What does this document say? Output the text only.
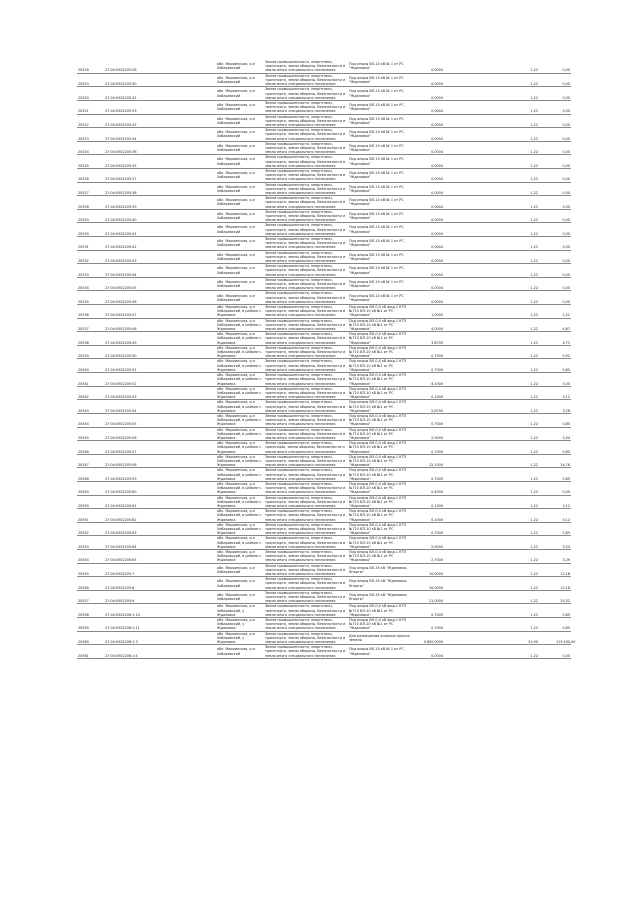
20518	27:04:0502205:28	обл. Мариинская, р-н Хабаровский	Земли промышленности, энергетики, транспорта, земли обороны, безопасности и земли иного специального назначения	Под опоры ВЛ-10 кВ № 1 от РС "Ждановка"	0,0004		1,22		0,00
20519	27:04:0502205:30	обл. Мариинская, р-н Хабаровский	Земли промышленности, энергетики, транспорта, земли обороны, безопасности и земли иного специального назначения	Под опоры ВЛ-10 кВ № 1 от РС "Ждановка"	0,0004		1,22		0,00
20520	27:04:0502205:32	обл. Мариинская, р-н Хабаровский	Земли промышленности, энергетики, транспорта, земли обороны, безопасности и земли иного специального назначения	Под опоры ВЛ-10 кВ № 1 от РС "Ждановка"	0,0004		1,22		0,00
20521	27:04:0502205:33	обл. Мариинская, р-н Хабаровский	Земли промышленности, энергетики, транспорта, земли обороны, безопасности и земли иного специального назначения	Под опоры ВЛ-10 кВ № 1 от РС "Ждановка"	0,0004		1,22		0,00
20522	27:04:0502205:35	обл. Мариинская, р-н Хабаровский	Земли промышленности, энергетики, транспорта, земли обороны, безопасности и земли иного специального назначения	Под опоры ВЛ-10 кВ № 1 от РС "Ждановка"	0,0004		1,22		0,00
20523	27:04:0502205:34	обл. Мариинская, р-н Хабаровский	Земли промышленности, энергетики, транспорта, земли обороны, безопасности и земли иного специального назначения	Под опоры ВЛ-10 кВ № 1 от РС "Ждановка"	0,0004		1,22		0,00
20524	27:04:0502205:36	обл. Мариинская, р-н Хабаровский	Земли промышленности, энергетики, транспорта, земли обороны, безопасности и земли иного специального назначения	Под опоры ВЛ-10 кВ № 1 от РС "Ждановка"	0,0004		1,22		0,00
20525	27:04:0502205:35	обл. Мариинская, р-н Хабаровский	Земли промышленности, энергетики, транспорта, земли обороны, безопасности и земли иного специального назначения	Под опоры ВЛ-10 кВ № 1 от РС "Ждановка"	0,0004		1,22		0,00
20526	27:04:0502205:37	обл. Мариинская, р-н Хабаровский	Земли промышленности, энергетики, транспорта, земли обороны, безопасности и земли иного специального назначения	Под опоры ВЛ-10 кВ № 1 от РС "Ждановка"	0,0004		1,22		0,00
20527	27:04:0502205:38	обл. Мариинская, р-н Хабаровский	Земли промышленности, энергетики, транспорта, земли обороны, безопасности и земли иного специального назначения	Под опоры ВЛ-10 кВ № 1 от РС "Ждановка"	0,0004		1,22		0,00
20528	27:04:0502205:39	обл. Мариинская, р-н Хабаровский	Земли промышленности, энергетики, транспорта, земли обороны, безопасности и земли иного специального назначения	Под опоры ВЛ-10 кВ № 1 от РС "Ждановка"	0,0004		1,22		0,00
20529	27:04:0502205:40	обл. Мариинская, р-н Хабаровский	Земли промышленности, энергетики, транспорта, земли обороны, безопасности и земли иного специального назначения	Под опоры ВЛ-10 кВ № 1 от РС "Ждановка"	0,0004		1,22		0,00
20530	27:04:0502205:41	обл. Мариинская, р-н Хабаровский	Земли промышленности, энергетики, транспорта, земли обороны, безопасности и земли иного специального назначения	Под опоры ВЛ-10 кВ № 1 от РС "Ждановка"	0,0004		1,22		0,00
20531	27:04:0502205:42	обл. Мариинская, р-н Хабаровский	Земли промышленности, энергетики, транспорта, земли обороны, безопасности и земли иного специального назначения	Под опоры ВЛ-10 кВ № 1 от РС "Ждановка"	0,0004		1,22		0,00
20532	27:04:0502205:43	обл. Мариинская, р-н Хабаровский	Земли промышленности, энергетики, транспорта, земли обороны, безопасности и земли иного специального назначения	Под опоры ВЛ-10 кВ № 1 от РС "Ждановка"	0,0004		1,22		0,00
20533	27:04:0502205:44	обл. Мариинская, р-н Хабаровский	Земли промышленности, энергетики, транспорта, земли обороны, безопасности и земли иного специального назначения	Под опоры ВЛ-10 кВ № 1 от РС "Ждановка"	0,0004		1,22		0,00
20534	27:04:0502205:45	обл. Мариинская, р-н Хабаровский	Земли промышленности, энергетики, транспорта, земли обороны, безопасности и земли иного специального назначения	Под опоры ВЛ-10 кВ № 1 от РС "Ждановка"	0,0004		1,22		0,00
20535	27:04:0502205:46	обл. Мариинская, р-н Хабаровский	Земли промышленности, энергетики, транспорта, земли обороны, безопасности и земли иного специального назначения	Под опоры ВЛ-10 кВ № 1 от РС "Ждановка"	0,0004		1,22		0,00
20536	27:04:0502205:47	обл. Мариинская, р-н Хабаровский, в районе с. Ждановка	Земли промышленности, энергетики, транспорта, земли обороны, безопасности и земли иного специального назначения	Под опоры ВЛ-0,4 кВ фид.1 КТП №710 ВЛ-10 кВ №1 от РС "Ждановка"	1,0000		1,22		1,22
20537	27:04:0502205:48	обл. Мариинская, р-н Хабаровский, в районе с. Ждановка	Земли промышленности, энергетики, транспорта, земли обороны, безопасности и земли иного специального назначения	Под опоры ВЛ-0,4 кВ фид.1 КТП №710 ВЛ-10 кВ №1 от РС "Ждановка"	4,0000		1,22		4,87
20538	27:04:0502205:49	обл. Мариинская, р-н Хабаровский, в районе с. Ждановка	Земли промышленности, энергетики, транспорта, земли обороны, безопасности и земли иного специального назначения	Под опоры ВЛ-0,4 кВ фид.1 КТП №710 ВЛ-10 кВ №1 от РС "Ждановка"	3,8700		1,22		4,72
20539	27:04:0502205:50	обл. Мариинская, р-н Хабаровский, в районе с. Ждановка	Земли промышленности, энергетики, транспорта, земли обороны, безопасности и земли иного специального назначения	Под опоры ВЛ-0,4 кВ фид.1 КТП №710 ВЛ-10 кВ №1 от РС "Ждановка"	0,7500		1,22		0,92
20540	27:04:0502205:51	обл. Мариинская, р-н Хабаровский, в районе с. Ждановка	Земли промышленности, энергетики, транспорта, земли обороны, безопасности и земли иного специального назначения	Под опоры ВЛ-0,4 кВ фид.1 КТП №710 ВЛ-10 кВ №1 от РС "Ждановка"	0,7000		1,22		0,85
20541	27:04:0502205:52	обл. Мариинская, р-н Хабаровский, в районе с. Ждановка	Земли промышленности, энергетики, транспорта, земли обороны, безопасности и земли иного специального назначения	Под опоры ВЛ-0,4 кВ фид.1 КТП №710 ВЛ-10 кВ №1 от РС "Ждановка"	4,1000		1,22		5,00
20542	27:04:0502205:53	обл. Мариинская, р-н Хабаровский, в районе с. Ждановка	Земли промышленности, энергетики, транспорта, земли обороны, безопасности и земли иного специального назначения	Под опоры ВЛ-0,4 кВ фид.1 КТП №710 ВЛ-10 кВ №1 от РС "Ждановка"	0,1000		1,22		0,12
20543	27:04:0502205:54	обл. Мариинская, р-н Хабаровский, в районе с. Ждановка	Земли промышленности, энергетики, транспорта, земли обороны, безопасности и земли иного специального назначения	Под опоры ВЛ-0,4 кВ фид.1 КТП №710 ВЛ-10 кВ №1 от РС "Ждановка"	2,6700		1,22		3,26
20544	27:04:0502205:55	обл. Мариинская, р-н Хабаровский, в районе с. Ждановка	Земли промышленности, энергетики, транспорта, земли обороны, безопасности и земли иного специального назначения	Под опоры ВЛ-0,4 кВ фид.1 КТП №710 ВЛ-10 кВ №1 от РС "Ждановка"	0,7000		1,22		0,85
20545	27:04:0502205:56	обл. Мариинская, р-н Хабаровский, в районе с. Ждановка	Земли промышленности, энергетики, транспорта, земли обороны, безопасности и земли иного специального назначения	Под опоры ВЛ-0,4 кВ фид.1 КТП №710 ВЛ-10 кВ №1 от РС "Ждановка"	2,9000		1,22		3,54
20546	27:04:0502205:57	обл. Мариинская, р-н Хабаровский, в районе с. Ждановка	Земли промышленности, энергетики, транспорta, земли обороны, безопасности и земли иного специального назначения	Под опоры ВЛ-0,4 кВ фид.1 КТП №710 ВЛ-10 кВ №1 от РС "Ждановка"	0,7000		1,22		0,85
20547	27:04:0502205:58	обл. Мариинская, р-н Хабаровский, в районе с. Ждановка	Земли промышленности, энергетики, транспорта, земли обороны, безопасности и земли иного специального назначения	Под опоры ВЛ-0,4 кВ фид.1 КТП №710 ВЛ-10 кВ №1 от РС "Ждановка"	12,1000		1,22		14,76
20548	27:04:0502205:59	обл. Мариинская, р-н Хабаровский, в районе с. Ждановка	Земли промышленности, энергетики, транспорта, земли обороны, безопасности и земли иного специального назначения	Под опоры ВЛ-0,4 кВ фид.1 КТП №710 ВЛ-10 кВ №1 от РС "Ждановка"	0,7000		1,22		0,85
20549	27:04:0502205:60	обл. Мариинская, р-н Хабаровский, в районе с. Ждановка	Земли промышленности, энергетики, транспорта, земли обороны, безопасности и земли иного специального назначения	Под опоры ВЛ-0,4 кВ фид.1 КТП №710 ВЛ-10 кВ №1 от РС "Ждановка"	0,4000		1,22		0,49
20550	27:04:0502205:61	обл. Мариинская, р-н Хабаровский, в районе с. Ждановка	Земли промышленности, энергетики, транспорта, земли обороны, безопасности и земли иного специального назначения	Под опоры ВЛ-0,4 кВ фид.1 КТП №710 ВЛ-10 кВ №1 от РС "Ждановка"	0,1000		1,22		0,12
20551	27:04:0502205:62	обл. Мариинская, р-н Хабаровский, в районе с. Ждановка	Земли промышленности, энергетики, транспорта, земли обороны, безопасности и земли иного специального назначения	Под опоры ВЛ-0,4 кВ фид.1 КТП №710 ВЛ-10 кВ №1 от РС "Ждановка"	0,1000		1,22		0,12
20552	27:04:0502205:63	обл. Мариинская, р-н Хабаровский, в районе с. Ждановка	Земли промышленности, энергетики, транспорта, земли обороны, безопасности и земли иного специального назначения	Под опоры ВЛ-0,4 кВ фид.1 КТП №710 ВЛ-10 кВ №1 от РС "Ждановка"	0,7000		1,22		0,85
20553	27:04:0502205:64	обл. Мариинская, р-н Хабаровский, в районе с. Ждановка	Земли промышленности, энергетики, транспорта, земли обороны, безопасности и земли иного специального назначения	Под опоры ВЛ-0,4 кВ фид.1 КТП №710 ВЛ-10 кВ №1 от РС "Ждановка"	2,9000		1,22		3,54
20554	27:04:0502205:65	обл. Мариинская, р-н Хабаровский, в районе с. Ждановка	Земли промышленности, энергетики, транспорта, земли обороны, безопасности и земли иного специального назначения	Под опоры ВЛ-0,4 кВ фид.1 КТП №710 ВЛ-10 кВ №1 от РС "Ждановка"	2,7000		1,22		3,29
20555	27:04:0502205:7	обл. Мариинская, р-н Хабаровский	Земли промышленности, энергетики, транспорта, земли обороны, безопасности и земли иного специального назначения	Под опоры ВЛ-35 кВ "Ждановка-Япорты"	10,0000		1,22		12,18
20556	27:04:0502205:8	обл. Мариинская, р-н Хабаровский	Земли промышленности, энергетики, транспорта, земли обороны, безопасности и земли иного специального назначения	Под опоры ВЛ-35 кВ "Ждановка-Япорты"	10,0000		1,22		12,18
20557	27:04:0502205:9	обл. Мариинская, р-н Хабаровский	Земли промышленности, энергетики, транспорта, земли обороны, безопасности и земли иного специального назначения	Под опоры ВЛ-35 кВ "Ждановка-Япорты"	21,0000		1,22		25,32
20558	27:04:0502206:1:10	обл. Мариинская, р-н Хабаровский, у Ждановка	Земли промышленности, энергетики, транспорта, земли обороны, безопасности и земли иного специального назначения	Под опоры ВЛ-0,4 кВ фид.1 КТП №710 ВЛ-10 кВ №1 от РС "Ждановка"	0,7000		1,22		0,85
20559	27:04:0502206:1:11	обл. Мариинская, р-н Хабаровский, у Ждановка	Земли промышленности, энергетики, транспорта, земли обороны, безопасности и земли иного специального назначения	Под опоры ВЛ-0,4 кВ фид.1 КТП №710 ВЛ-10 кВ №1 от РС "Ждановка"	0,7000		1,22		0,85
20560	27:04:0502206:1:3	обл. Мариинская, р-н Хабаровский, у Ждановка	Земли промышленности, энергетики, транспорта, земли обороны, безопасности и земли иного специального назначения	Для размещения опорных прочих земель	4 800,0000		24,90		119 400,00
20561	27:04:0502206:1:4	обл. Мариинская, р-н Хабаровский	Земли промышленности, энергетики, транспорта, земли обороны, безопасности и земли иного специального назначения	Под опоры ВЛ-10 кВ № 1 от РС "Ждановка"	0,0004		1,22		0,00
